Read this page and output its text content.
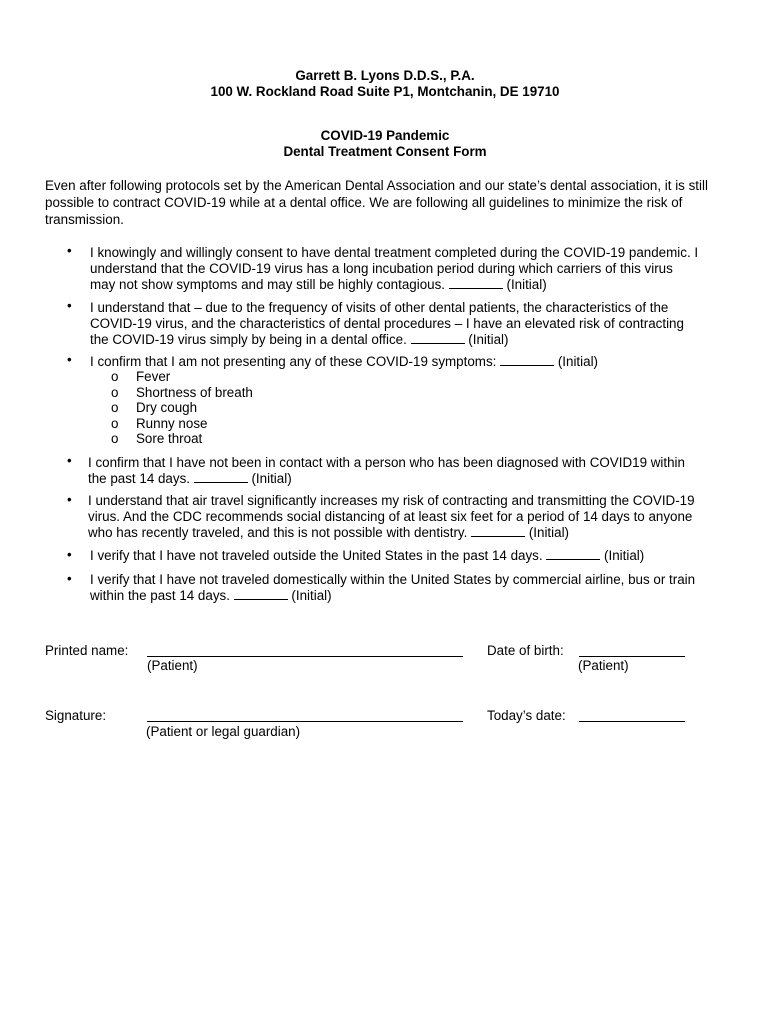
Garrett B. Lyons D.D.S., P.A.
100 W. Rockland Road Suite P1, Montchanin, DE 19710
COVID-19 Pandemic
Dental Treatment Consent Form
Even after following protocols set by the American Dental Association and our state’s dental association, it is still possible to contract COVID-19 while at a dental office. We are following all guidelines to minimize the risk of transmission.
• I knowingly and willingly consent to have dental treatment completed during the COVID-19 pandemic. I understand that the COVID-19 virus has a long incubation period during which carriers of this virus may not show symptoms and may still be highly contagious.	(Initial)
• I understand that – due to the frequency of visits of other dental patients, the characteristics of the COVID-19 virus, and the characteristics of dental procedures – I have an elevated risk of contracting the COVID-19 virus simply by being in a dental office.	(Initial)
• I confirm that I am not presenting any of these COVID-19 symptoms:	(Initial)
o Fever
o Shortness of breath
o Dry cough
o Runny nose
o Sore throat
• I confirm that I have not been in contact with a person who has been diagnosed with COVID19 within the past 14 days.	(Initial)
• I understand that air travel significantly increases my risk of contracting and transmitting the COVID-19 virus. And the CDC recommends social distancing of at least six feet for a period of 14 days to anyone who has recently traveled, and this is not possible with dentistry.	(Initial)
• I verify that I have not traveled outside the United States in the past 14 days.	(Initial)
• I verify that I have not traveled domestically within the United States by commercial airline, bus or train within the past 14 days.	(Initial)
Printed name:
(Patient)
Date of birth:
(Patient)
Signature:
(Patient or legal guardian)
Today’s date:
